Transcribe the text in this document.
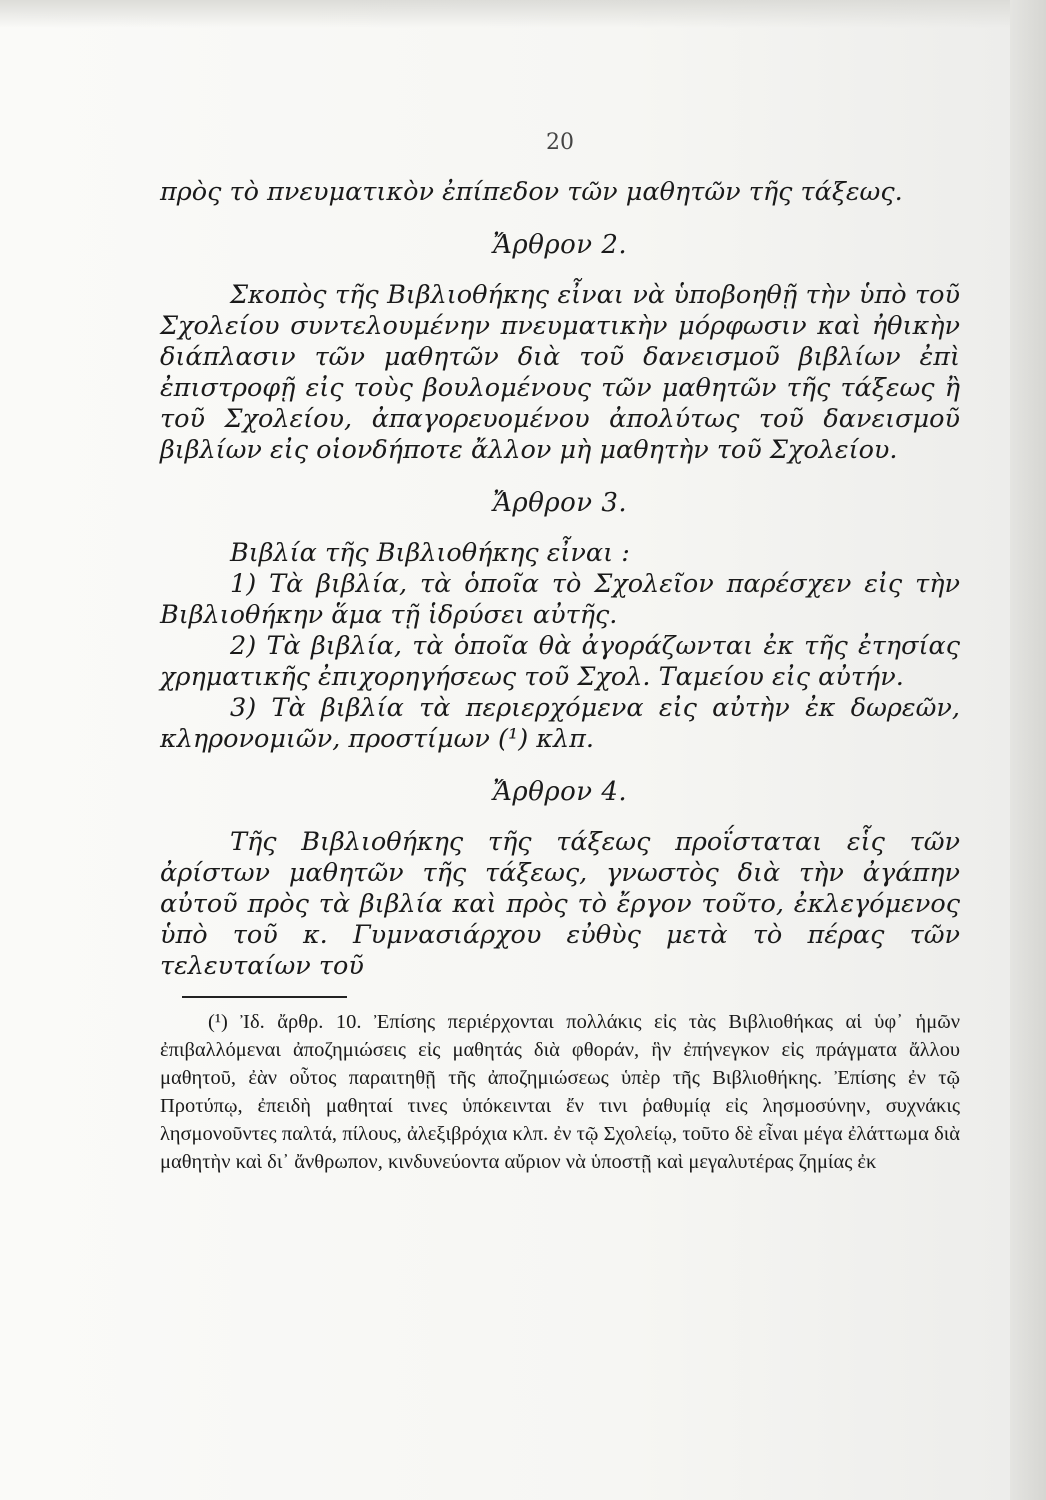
20

πρὸς τὸ πνευματικὸν ἐπίπεδον τῶν μαθητῶν τῆς τάξεως.

Ἄρθρον 2.

Σκοπὸς τῆς Βιβλιοθήκης εἶναι νὰ ὑποβοηθῇ τὴν ὑπὸ τοῦ Σχολείου συντελουμένην πνευματικὴν μόρφωσιν καὶ ἠθικὴν διάπλασιν τῶν μαθητῶν διὰ τοῦ δανεισμοῦ βιβλίων ἐπὶ ἐπιστροφῇ εἰς τοὺς βουλομένους τῶν μαθητῶν τῆς τάξεως ἢ τοῦ Σχολείου, ἀπαγορευομένου ἀπολύτως τοῦ δανεισμοῦ βιβλίων εἰς οἱονδήποτε ἄλλον μὴ μαθητὴν τοῦ Σχολείου.

Ἄρθρον 3.

Βιβλία τῆς Βιβλιοθήκης εἶναι :

1) Τὰ βιβλία, τὰ ὁποῖα τὸ Σχολεῖον παρέσχεν εἰς τὴν Βιβλιοθήκην ἅμα τῇ ἱδρύσει αὐτῆς.

2) Τὰ βιβλία, τὰ ὁποῖα θὰ ἀγοράζωνται ἐκ τῆς ἐτησίας χρηματικῆς ἐπιχορηγήσεως τοῦ Σχολ. Ταμείου εἰς αὐτήν.

3) Τὰ βιβλία τὰ περιερχόμενα εἰς αὐτὴν ἐκ δωρεῶν, κληρονομιῶν, προστίμων (¹) κλπ.

Ἄρθρον 4.

Τῆς Βιβλιοθήκης τῆς τάξεως προΐσταται εἷς τῶν ἀρίστων μαθητῶν τῆς τάξεως, γνωστὸς διὰ τὴν ἀγάπην αὐτοῦ πρὸς τὰ βιβλία καὶ πρὸς τὸ ἔργον τοῦτο, ἐκλεγόμενος ὑπὸ τοῦ κ. Γυμνασιάρχου εὐθὺς μετὰ τὸ πέρας τῶν τελευταίων τοῦ

(¹) Ἰδ. ἄρθρ. 10. Ἐπίσης περιέρχονται πολλάκις εἰς τὰς Βιβλιοθήκας αἱ ὑφ᾽ ἡμῶν ἐπιβαλλόμεναι ἀποζημιώσεις εἰς μαθητάς διὰ φθοράν, ἣν ἐπήνεγκον εἰς πράγματα ἄλλου μαθητοῦ, ἐὰν οὗτος παραιτηθῇ τῆς ἀποζημιώσεως ὑπὲρ τῆς Βιβλιοθήκης. Ἐπίσης ἐν τῷ Προτύπῳ, ἐπειδὴ μαθηταί τινες ὑπόκεινται ἔν τινι ῥαθυμίᾳ εἰς λησμοσύνην, συχνάκις λησμονοῦντες παλτά, πίλους, ἀλεξιβρόχια κλπ. ἐν τῷ Σχολείῳ, τοῦτο δὲ εἶναι μέγα ἐλάττωμα διὰ μαθητὴν καὶ δι᾽ ἄνθρωπον, κινδυνεύοντα αὔριον νὰ ὑποστῇ καὶ μεγαλυτέρας ζημίας ἐκ
